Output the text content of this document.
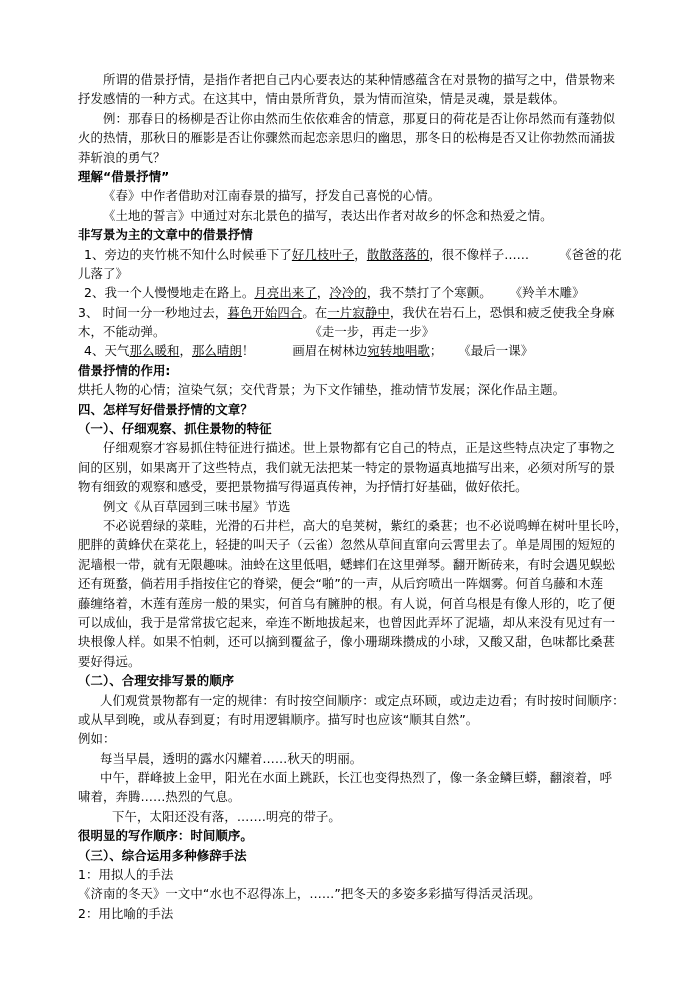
所谓的借景抒情，是指作者把自己内心要表达的某种情感蕴含在对景物的描写之中，借景物来
抒发感情的一种方式。在这其中，情由景所背负，景为情而渲染，情是灵魂，景是载体。
例：那春日的杨柳是否让你由然而生依依难舍的情意，那夏日的荷花是否让你昂然而有蓬勃似
火的热情，那秋日的雁影是否让你骤然而起恋亲思归的幽思，那冬日的松梅是否又让你勃然而涌拔
莽斩浪的勇气？
理解“借景抒情”
《春》中作者借助对江南春景的描写，抒发自己喜悦的心情。
《土地的誓言》中通过对东北景色的描写，表达出作者对故乡的怀念和热爱之情。
非写景为主的文章中的借景抒情
1、旁边的夹竹桃不知什么时候垂下了好几枝叶子，散散落落的，很不像样子…… 《爸爸的花
儿落了》
2、我一个人慢慢地走在路上。月亮出来了，冷冷的，我不禁打了个寒颤。 《羚羊木雕》
3、 时间一分一秒地过去，暮色开始四合。在一片寂静中，我伏在岩石上，恐惧和疲乏使我全身麻
木，不能动弹。	《走一步，再走一步》
4、天气那么暖和，那么晴朗！	画眉在树林边宛转地唱歌； 《最后一课》
借景抒情的作用:
烘托人物的心情；渲染气氛；交代背景；为下文作铺垫，推动情节发展；深化作品主题。
四、怎样写好借景抒情的文章？
（一）、仔细观察、抓住景物的特征
仔细观察才容易抓住特征进行描述。世上景物都有它自己的特点，正是这些特点决定了事物之
间的区别，如果离开了这些特点，我们就无法把某一特定的景物逼真地描写出来，必须对所写的景
物有细致的观察和感受，要把景物描写得逼真传神，为抒情打好基础，做好依托。
例文《从百草园到三味书屋》节选
不必说碧绿的菜畦，光滑的石井栏，高大的皂荚树，紫红的桑葚；也不必说鸣蝉在树叶里长吟，
肥胖的黄蜂伏在菜花上，轻捷的叫天子（云雀）忽然从草间直窜向云霄里去了。单是周围的短短的
泥墙根一带，就有无限趣味。油蛉在这里低唱，蟋蟀们在这里弹琴。翻开断砖来，有时会遇见蜈蚣
还有斑蝥，倘若用手指按住它的脊梁，便会“啪”的一声，从后窍喷出一阵烟雾。何首乌藤和木莲
藤缠络着，木莲有莲房一般的果实，何首乌有臃肿的根。有人说，何首乌根是有像人形的，吃了便
可以成仙，我于是常常拔它起来，牵连不断地拔起来，也曾因此弄坏了泥墙，却从来没有见过有一
块根像人样。如果不怕刺，还可以摘到覆盆子，像小珊瑚珠攒成的小球，又酸又甜，色味都比桑葚
要好得远。
（二）、合理安排写景的顺序
人们观赏景物都有一定的规律：有时按空间顺序：或定点环顾，或边走边看；有时按时间顺序：
或从早到晚，或从春到夏；有时用逻辑顺序。描写时也应该“顺其自然”。
例如：
每当早晨，透明的露水闪耀着……秋天的明丽。
中午，群峰披上金甲，阳光在水面上跳跃，长江也变得热烈了，像一条金鳞巨蟒，翻滚着，呼
啸着，奔腾……热烈的气息。
下午，太阳还没有落，…….明亮的带子。
很明显的写作顺序：时间顺序。
（三）、综合运用多种修辞手法
1：用拟人的手法
《济南的冬天》一文中“水也不忍得冻上，……”把冬天的多姿多彩描写得活灵活现。
2：用比喻的手法
